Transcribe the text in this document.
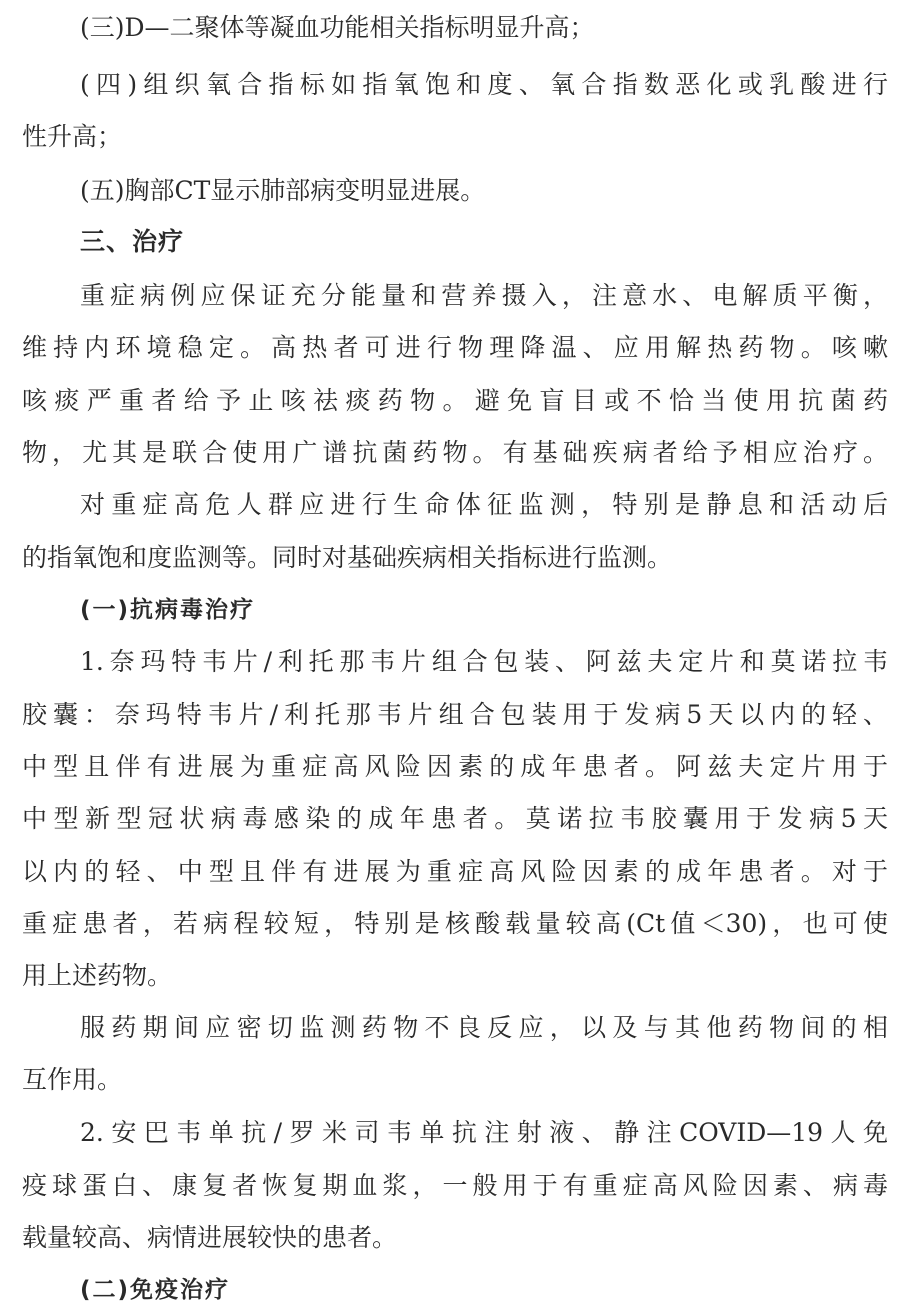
(三)D—二聚体等凝血功能相关指标明显升高；
(四)组织氧合指标如指氧饱和度、氧合指数恶化或乳酸进行
性升高；
(五)胸部CT显示肺部病变明显进展。
三、治疗
重症病例应保证充分能量和营养摄入，注意水、电解质平衡，
维持内环境稳定。高热者可进行物理降温、应用解热药物。咳嗽
咳痰严重者给予止咳祛痰药物。避免盲目或不恰当使用抗菌药
物，尤其是联合使用广谱抗菌药物。有基础疾病者给予相应治疗。
对重症高危人群应进行生命体征监测，特别是静息和活动后
的指氧饱和度监测等。同时对基础疾病相关指标进行监测。
(一)抗病毒治疗
1.奈玛特韦片/利托那韦片组合包装、阿兹夫定片和莫诺拉韦
胶囊：奈玛特韦片/利托那韦片组合包装用于发病5天以内的轻、
中型且伴有进展为重症高风险因素的成年患者。阿兹夫定片用于
中型新型冠状病毒感染的成年患者。莫诺拉韦胶囊用于发病5天
以内的轻、中型且伴有进展为重症高风险因素的成年患者。对于
重症患者，若病程较短，特别是核酸载量较高(Ct值＜30)，也可使
用上述药物。
服药期间应密切监测药物不良反应，以及与其他药物间的相
互作用。
2.安巴韦单抗/罗米司韦单抗注射液、静注COVID—19人免
疫球蛋白、康复者恢复期血浆，一般用于有重症高风险因素、病毒
载量较高、病情进展较快的患者。
(二)免疫治疗
